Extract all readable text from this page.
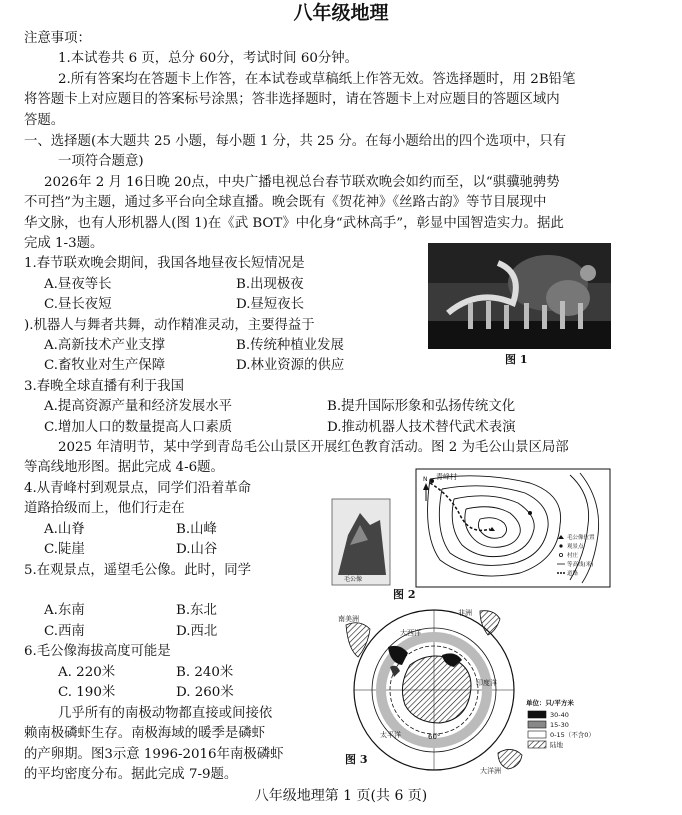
八年级地理
注意事项：
1.本试卷共 6 页，总分 60分，考试时间 60分钟。
2.所有答案均在答题卡上作答，在本试卷或草稿纸上作答无效。答选择题时，用 2B铅笔
将答题卡上对应题目的答案标号涂黑；答非选择题时，请在答题卡上对应题目的答题区域内
答题。
一、选择题(本大题共 25 小题，每小题 1 分，共 25 分。在每小题给出的四个选项中，只有
一项符合题意)
2026年 2 月 16日晚 20点，中央广播电视总台春节联欢晚会如约而至，以“骐骥驰骋势
不可挡”为主题，通过多平台向全球直播。晚会既有《贺花神》《丝路古韵》等节目展现中
华文脉，也有人形机器人(图 1)在《武 BOT》中化身“武林高手”，彰显中国智造实力。据此
完成 1-3题。
1.春节联欢晚会期间，我国各地昼夜长短情况是
A.昼夜等长	B.出现极夜
C.昼长夜短	D.昼短夜长
).机器人与舞者共舞，动作精准灵动，主要得益于
A.高新技术产业支撑	B.传统种植业发展
C.畜牧业对生产保障	D.林业资源的供应	图 1
3.春晚全球直播有利于我国
A.提高资源产量和经济发展水平	B.提升国际形象和弘扬传统文化
C.增加人口的数量提高人口素质	D.推动机器人技术替代武术表演
2025 年清明节，某中学到青岛毛公山景区开展红色教育活动。图 2 为毛公山景区局部
等高线地形图。据此完成 4-6题。
4.从青峰村到观景点，同学们沿着革命
道路拾级而上，他们行走在
A.山脊	B.山峰
C.陡崖	D.山谷
5.在观景点，遥望毛公像。此时，同学
A.东南	B.东北
C.西南	D.西北
6.毛公像海拔高度可能是
A. 220米	B. 240米
C. 190米	D. 260米
几乎所有的南极动物都直接或间接依
赖南极磷虾生存。南极海域的暖季是磷虾
的产卵期。图3示意 1996-2016年南极磷虾
的平均密度分布。据此完成 7-9题。
毛公像
青峰村
N
毛公像位置
观景点
村庄
等高线(米)
道路
图 2
大西洋
印度洋
太平洋
南美洲
非洲
大洋洲
60°
单位：只/平方米
30-40
15-30
0-15（不含0）
陆地
图 3
八年级地理第 1 页(共 6 页)
